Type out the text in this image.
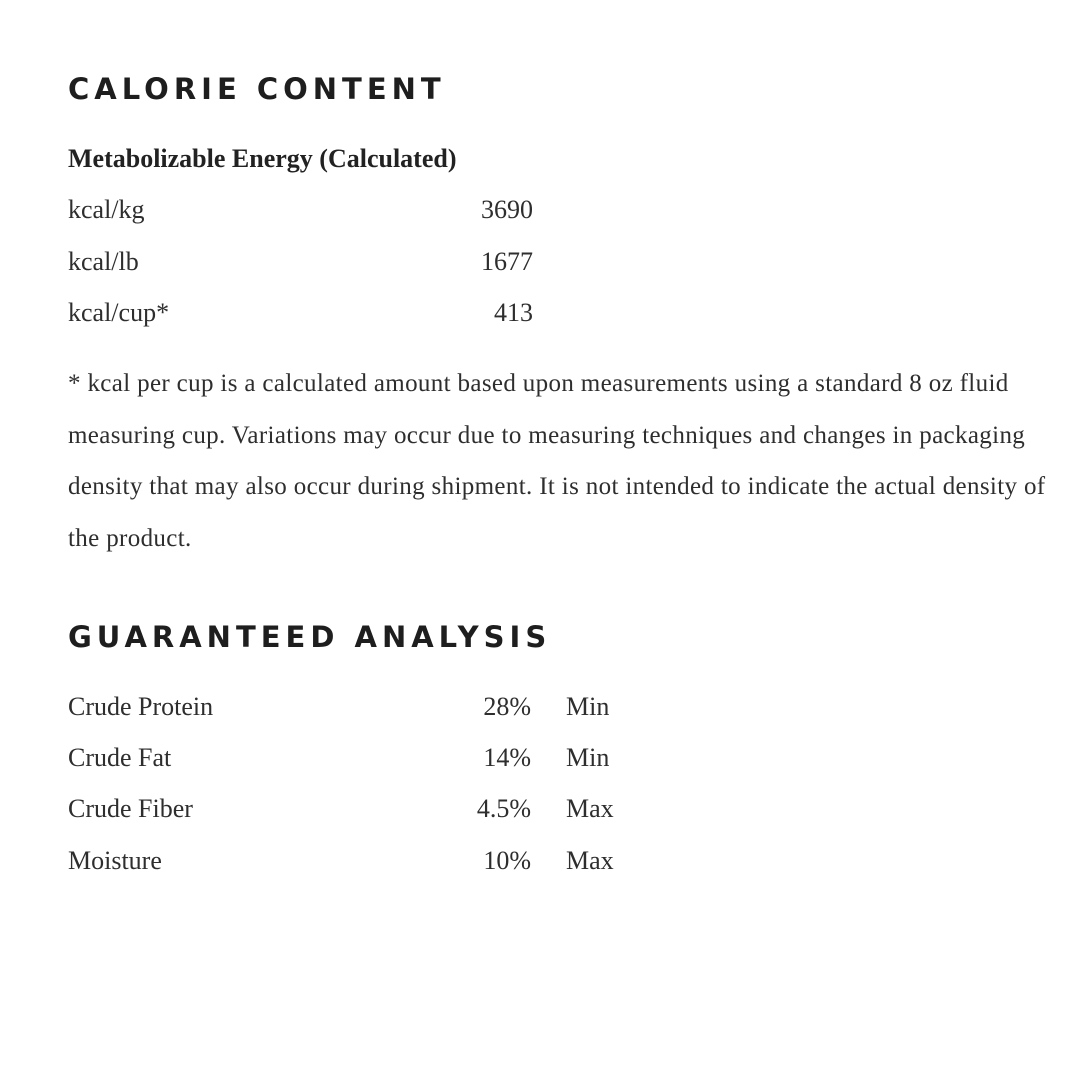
CALORIE CONTENT
Metabolizable Energy (Calculated)
kcal/kg	3690
kcal/lb	1677
kcal/cup*	413

* kcal per cup is a calculated amount based upon measurements using a standard 8 oz fluid measuring cup. Variations may occur due to measuring techniques and changes in packaging density that may also occur during shipment. It is not intended to indicate the actual density of the product.

GUARANTEED ANALYSIS
Crude Protein	28% Min
Crude Fat	14% Min
Crude Fiber	4.5% Max
Moisture	10% Max
